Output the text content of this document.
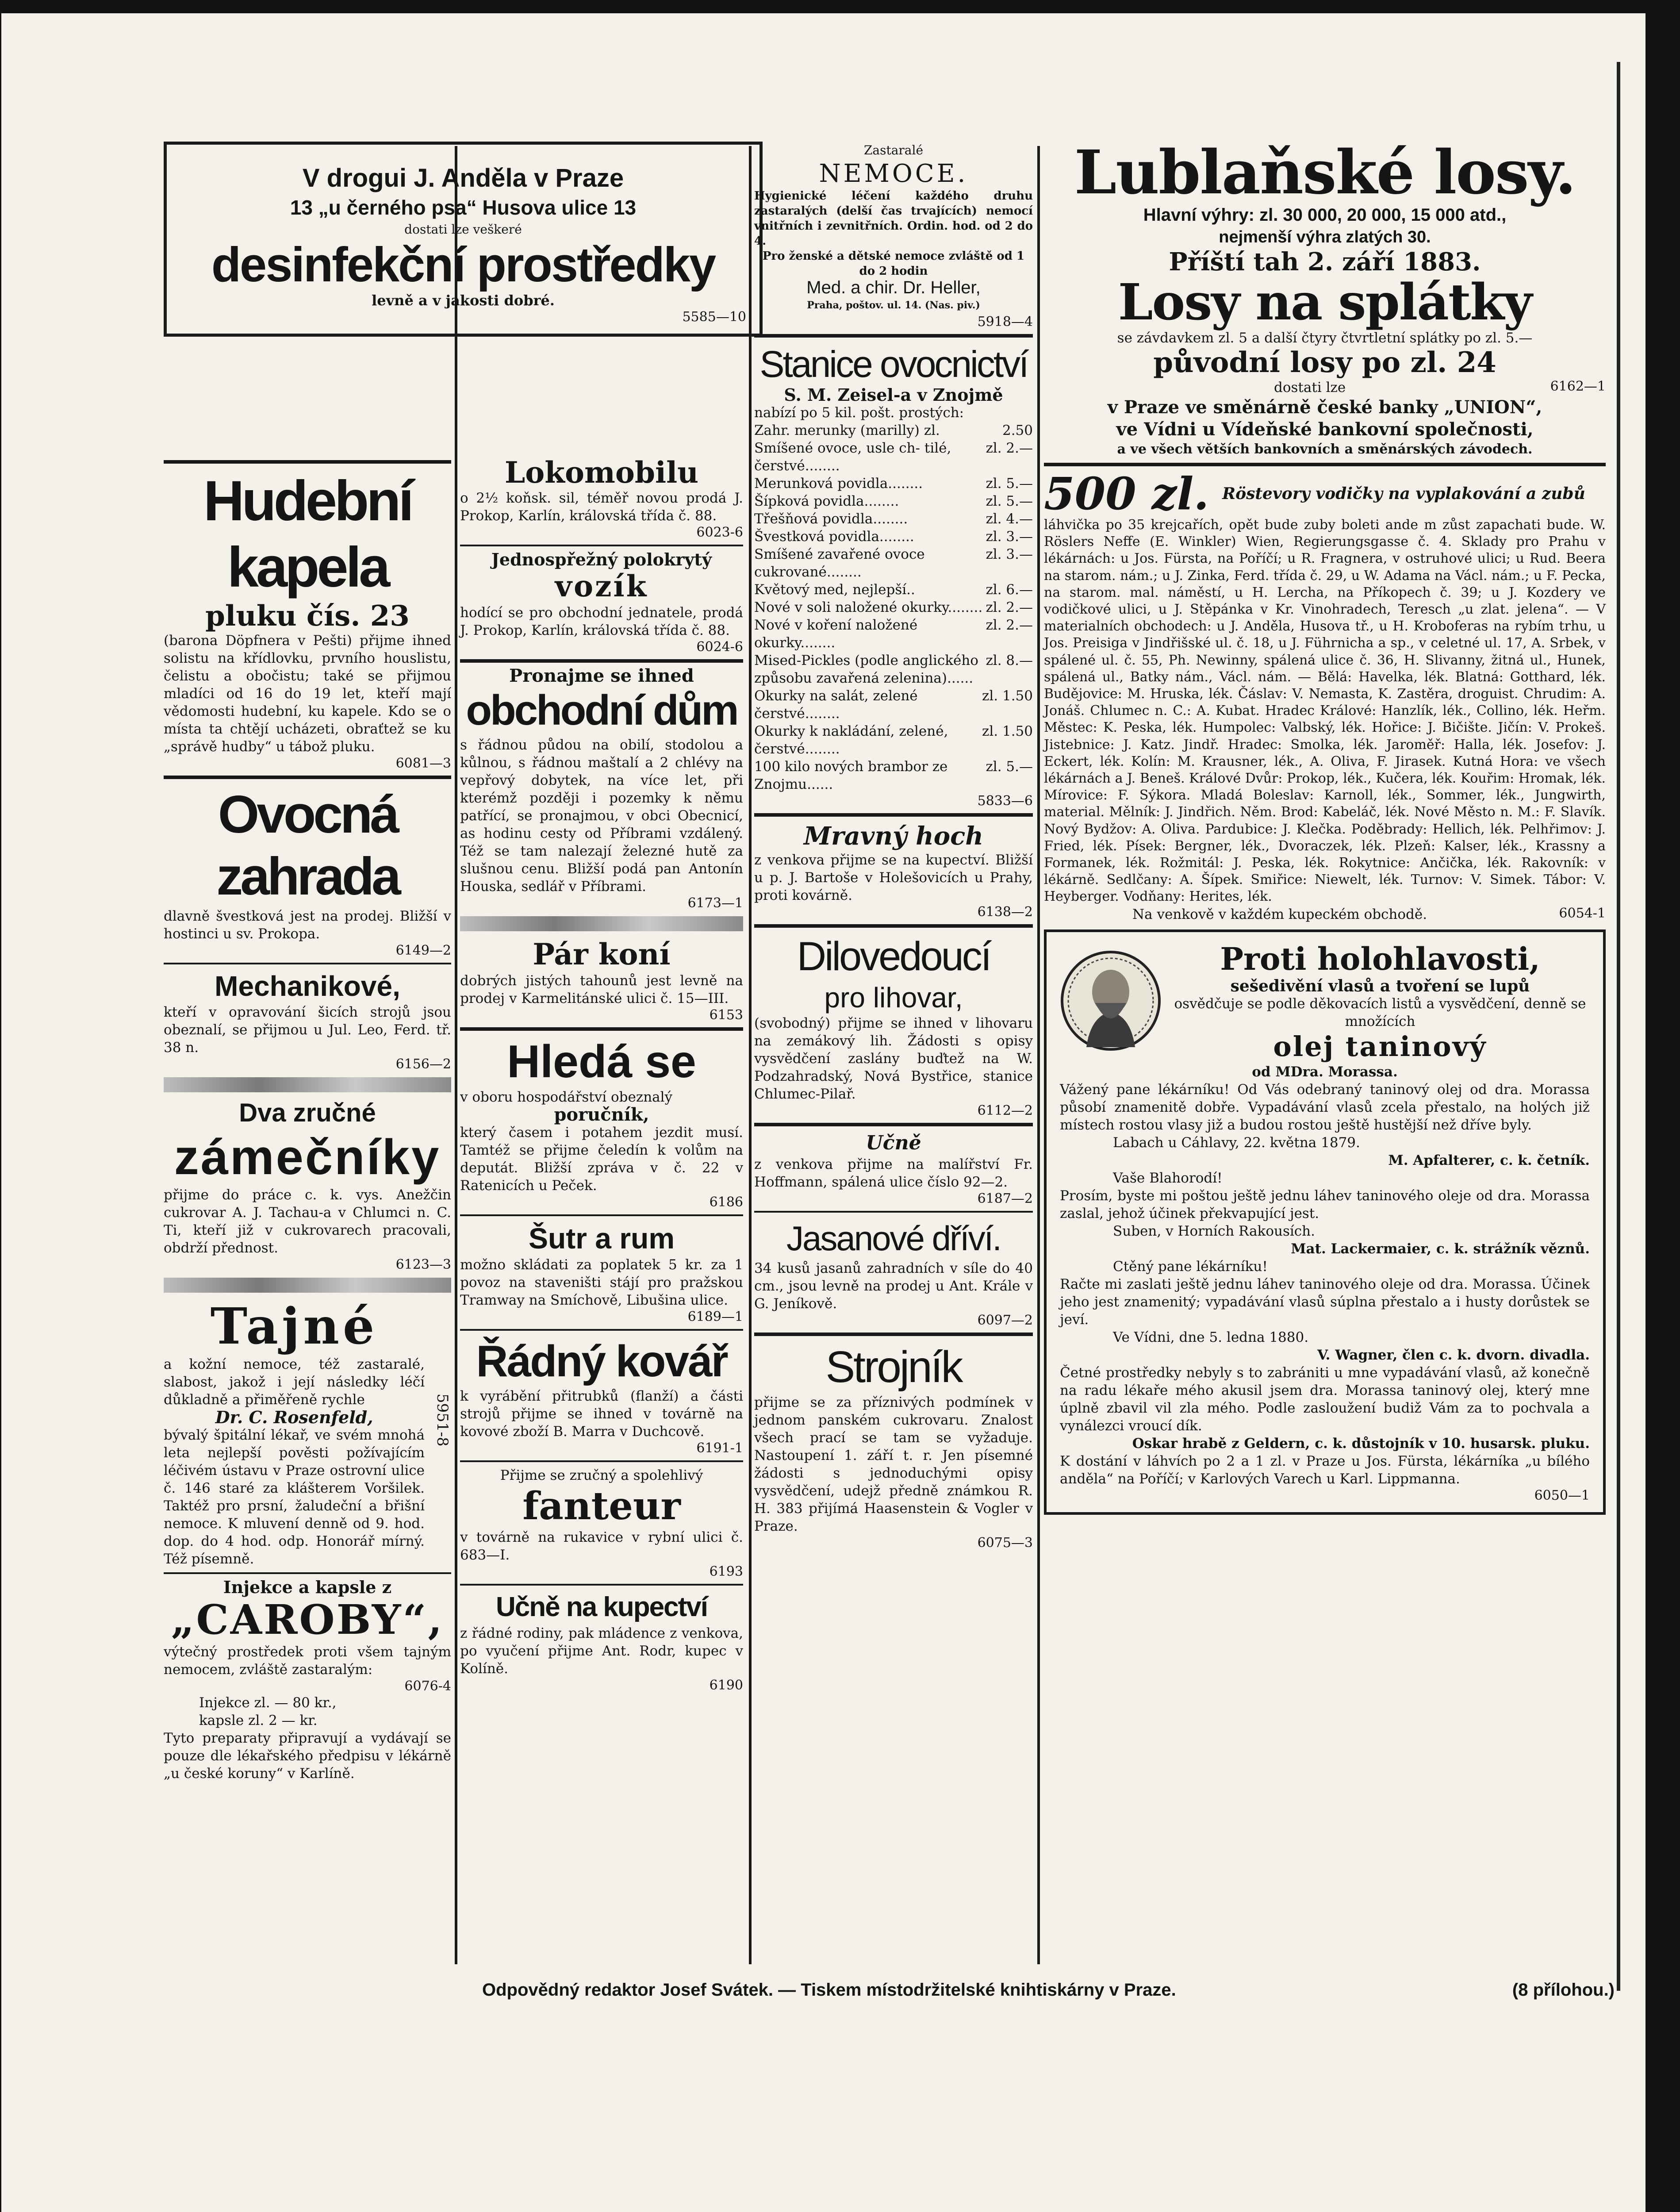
V drogui J. Anděla v Praze
13 „u černého psa“ Husova ulice 13
dostati lze veškeré
desinfekční prostředky
levně a v jakosti dobré.
5585—10
Hudební kapela
pluku čís. 23
(barona Döpfnera v Pešti) přijme ihned solistu na křídlovku, prvního houslistu, čelistu a obočistu; také se přijmou mladíci od 16 do 19 let, kteří mají vědomosti hudební, ku kapele. Kdo se o místa ta chtějí ucházeti, obraťtež se ku „správě hudby“ u tábož pluku.
6081—3
Ovocná zahrada
dlavně švestková jest na prodej. Bližší v hostinci u sv. Prokopa.
6149—2
Mechanikové,
kteří v opravování šicích strojů jsou obeznalí, se přijmou u Jul. Leo, Ferd. tř. 38 n.
6156—2
Dva zručné
zámečníky
přijme do práce c. k. vys. Anežčin cukrovar A. J. Tachau-a v Chlumci n. C. Ti, kteří již v cukrovarech pracovali, obdrží přednost.
6123—3
Tajné
a kožní nemoce, též zastaralé, slabost, jakož i její následky léčí důkladně a přiměřeně rychle
Dr. C. Rosenfeld,
bývalý špitální lékař, ve svém mnohá leta nejlepší pověsti požívajícím léčivém ústavu v Praze ostrovní ulice č. 146 staré za klášterem Voršilek. Taktéž pro prsní, žaludeční a břišní nemoce. K mluvení denně od 9. hod. dop. do 4 hod. odp. Honorář mírný. Též písemně.
Injekce a kapsle z
„CAROBY“,
výtečný prostředek proti všem tajným nemocem, zvláště zastaralým:
6076-4
Injekce zl. — 80 kr.,
kapsle zl. 2 — kr.
Tyto preparaty připravují a vydávají se pouze dle lékařského předpisu v lékárně „u české koruny“ v Karlíně.
5951-8
Lokomobilu
o 2½ koňsk. sil, téměř novou prodá J. Prokop, Karlín, královská třída č. 88.
6023-6
Jednospřežný polokrytý
vozík
hodící se pro obchodní jednatele, prodá J. Prokop, Karlín, královská třída č. 88.
6024-6
Pronajme se ihned
obchodní dům
s řádnou půdou na obilí, stodolou a kůlnou, s řádnou maštalí a 2 chlévy na vepřový dobytek, na více let, při kterémž později i pozemky k němu patřící, se pronajmou, v obci Obecnicí, as hodinu cesty od Příbrami vzdálený. Též se tam nalezají železné hutě za slušnou cenu. Bližší podá pan Antonín Houska, sedlář v Příbrami.
6173—1
Pár koní
dobrých jistých tahounů jest levně na prodej v Karmelitánské ulici č. 15—III.
6153
Hledá se
v oboru hospodářství obeznalý
poručník,
který časem i potahem jezdit musí. Tamtéž se přijme čeledín k volům na deputát. Bližší zpráva v č. 22 v Ratenicích u Peček.
6186
Šutr a rum
možno skládati za poplatek 5 kr. za 1 povoz na staveništi stájí pro pražskou Tramway na Smíchově, Libušina ulice.
6189—1
Řádný kovář
k vyrábění přitrubků (flanží) a části strojů přijme se ihned v továrně na kovové zboží B. Marra v Duchcově.
6191-1
Přijme se zručný a spolehlivý
fanteur
v továrně na rukavice v rybní ulici č. 683—I.
6193
Učně na kupectví
z řádné rodiny, pak mládence z venkova, po vyučení přijme Ant. Rodr, kupec v Kolíně.
6190
Zastaralé
NEMOCE.
Hygienické léčení každého druhu zastaralých (delší čas trvajících) nemocí vnitřních i zevnitřních. Ordin. hod. od 2 do 4.
Pro ženské a dětské nemoce zvláště od 1 do 2 hodin
Med. a chir. Dr. Heller,
Praha, poštov. ul. 14. (Nas. piv.)
5918—4
Stanice ovocnictví
S. M. Zeisel-a v Znojmě
nabízí po 5 kil. pošt. prostých:
Zahr. merunky (marilly) zl.	2.50
Smíšené ovoce, usle ch- tilé, čerstvé........
zl. 2.—
Merunková povidla........	zl. 5.—
Šípková povidla........	zl. 5.—
Třešňová povidla........	zl. 4.—
Švestková povidla........	zl. 3.—
Smíšené zavařené ovoce cukrované........
zl. 3.—
Květový med, nejlepší..	zl. 6.—
Nové v soli naložené okurky........ zl. 2.—
Nové v koření naložené okurky........
zl. 2.—
Mised-Pickles (podle anglického způsobu zavařená zelenina)......
zl. 8.—
Okurky na salát, zelené čerstvé........
zl. 1.50
Okurky k nakládání, zelené, čerstvé........
zl. 1.50
100 kilo nových brambor ze Znojmu......
zl. 5.—
5833—6
Mravný hoch
z venkova přijme se na kupectví. Bližší u p. J. Bartoše v Holešovicích u Prahy, proti kovárně.
6138—2
Dilovedoucí
pro lihovar,
(svobodný) přijme se ihned v lihovaru na zemákový lih. Žádosti s opisy vysvědčení zaslány buďtež na W. Podzahradský, Nová Bystřice, stanice Chlumec-Pilař.
6112—2
Učně
z venkova přijme na malířství Fr. Hoffmann, spálená ulice číslo 92—2.
6187—2
Jasanové dříví.
34 kusů jasanů zahradních v síle do 40 cm., jsou levně na prodej u Ant. Krále v G. Jeníkově.
6097—2
Strojník
přijme se za příznivých podmínek v jednom panském cukrovaru. Znalost všech prací se tam se vyžaduje. Nastoupení 1. září t. r. Jen písemné žádosti s jednoduchými opisy vysvědčení, udejž předně známkou R. H. 383 přijímá Haasenstein & Vogler v Praze.
6075—3
Lublaňské losy.
Hlavní výhry: zl. 30 000, 20 000, 15 000 atd.,
nejmenší výhra zlatých 30.
Příští tah 2. září 1883.
Losy na splátky
se závdavkem zl. 5 a další čtyry čtvrtletní splátky po zl. 5.—
původní losy po zl. 24
dostati lze	6162—1
v Praze ve směnárně české banky „UNION“,
ve Vídni u Vídeňské bankovní společnosti,
a ve všech větších bankovních a směnárských závodech.
500 zl. Röstevory vodičky na vyplakování a zubů
láhvička po 35 krejcařích, opět bude zuby boleti ande m zůst zapachati bude. W. Röslers Neffe (E. Winkler) Wien, Regierungsgasse č. 4. Sklady pro Prahu v lékárnách: u Jos. Fürsta, na Poříčí; u R. Fragnera, v ostruhové ulici; u Rud. Beera na starom. nám.; u J. Zinka, Ferd. třída č. 29, u W. Adama na Václ. nám.; u F. Pecka, na starom. mal. náměstí, u H. Lercha, na Příkopech č. 39; u J. Kozdery ve vodičkové ulici, u J. Stěpánka v Kr. Vinohradech, Teresch „u zlat. jelena“. — V materialních obchodech: u J. Anděla, Husova tř., u H. Kroboferas na rybím trhu, u Jos. Preisiga v Jindřišské ul. č. 18, u J. Führnicha a sp., v celetné ul. 17, A. Srbek, v spálené ul. č. 55, Ph. Newinny, spálená ulice č. 36, H. Slivanny, žitná ul., Hunek, spálená ul., Batky nám., Václ. nám. — Bělá: Havelka, lék. Blatná: Gotthard, lék. Budějovice: M. Hruska, lék. Čáslav: V. Nemasta, K. Zastěra, droguist. Chrudim: A. Jonáš. Chlumec n. C.: A. Kubat. Hradec Králové: Hanzlík, lék., Collino, lék. Heřm. Městec: K. Peska, lék. Humpolec: Valbský, lék. Hořice: J. Bičište. Jičín: V. Prokeš. Jistebnice: J. Katz. Jindř. Hradec: Smolka, lék. Jaroměř: Halla, lék. Josefov: J. Eckert, lék. Kolín: M. Krausner, lék., A. Oliva, F. Jirasek. Kutná Hora: ve všech lékárnách a J. Beneš. Králové Dvůr: Prokop, lék., Kučera, lék. Kouřim: Hromak, lék. Mírovice: F. Sýkora. Mladá Boleslav: Karnoll, lék., Sommer, lék., Jungwirth, material. Mělník: J. Jindřich. Něm. Brod: Kabeláč, lék. Nové Město n. M.: F. Slavík. Nový Bydžov: A. Oliva. Pardubice: J. Klečka. Poděbrady: Hellich, lék. Pelhřimov: J. Fried, lék. Písek: Bergner, lék., Dvoraczek, lék. Plzeň: Kalser, lék., Krassny a Formanek, lék. Rožmitál: J. Peska, lék. Rokytnice: Ančička, lék. Rakovník: v lékárně. Sedlčany: A. Šípek. Smiřice: Niewelt, lék. Turnov: V. Simek. Tábor: V. Heyberger. Vodňany: Herites, lék.
Na venkově v každém kupeckém obchodě.	6054-1
Proti holohlavosti,
sešedivění vlasů a tvoření se lupů
osvědčuje se podle děkovacích listů a vysvědčení, denně se množících
olej taninový
od MDra. Morassa.
Vážený pane lékárníku! Od Vás odebraný taninový olej od dra. Morassa působí znamenitě dobře. Vypadávání vlasů zcela přestalo, na holých již místech rostou vlasy již a budou rostou ještě hustější než dříve byly.
Labach u Cáhlavy, 22. května 1879.
M. Apfalterer, c. k. četník.
Vaše Blahorodí!
Prosím, byste mi poštou ještě jednu láhev taninového oleje od dra. Morassa zaslal, jehož účinek překvapující jest.
Suben, v Horních Rakousích.
Mat. Lackermaier, c. k. strážník věznů.
Ctěný pane lékárníku!
Račte mi zaslati ještě jednu láhev taninového oleje od dra. Morassa. Účinek jeho jest znamenitý; vypadávání vlasů súplna přestalo a i husty dorůstek se jeví.
Ve Vídni, dne 5. ledna 1880.
V. Wagner, člen c. k. dvorn. divadla.
Četné prostředky nebyly s to zabrániti u mne vypadávání vlasů, až konečně na radu lékaře mého akusil jsem dra. Morassa taninový olej, který mne úplně zbavil vil zla mého. Podle zasloužení budiž Vám za to pochvala a vynálezci vroucí dík.
Oskar hrabě z Geldern, c. k. důstojník v 10. husarsk. pluku.
K dostání v láhvích po 2 a 1 zl. v Praze u Jos. Fürsta, lékárníka „u bílého anděla“ na Poříčí; v Karlových Varech u Karl. Lippmanna.
6050—1
Odpovědný redaktor Josef Svátek. — Tiskem místodržitelské knihtiskárny v Praze.	(8 přílohou.)
